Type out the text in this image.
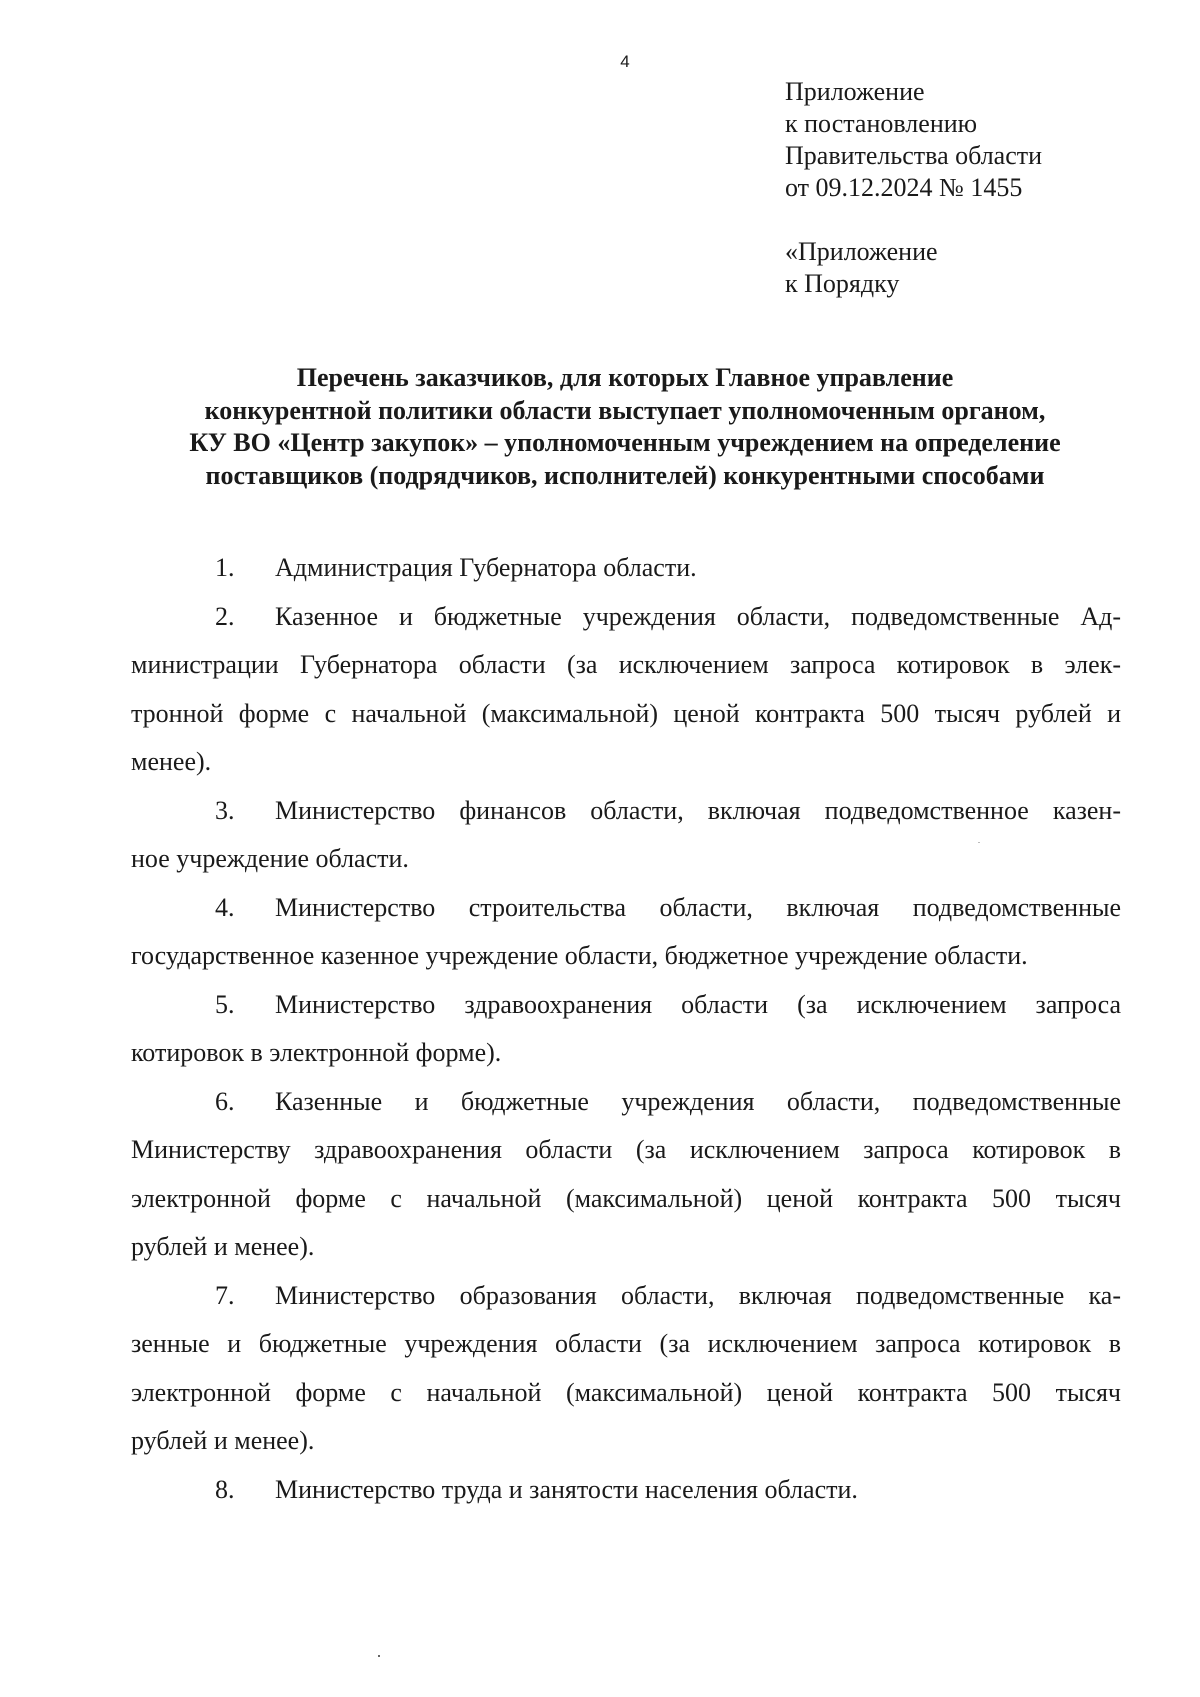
4
Приложение
к постановлению
Правительства области
от 09.12.2024 № 1455
«Приложение
к Порядку
Перечень заказчиков, для которых Главное управление
конкурентной политики области выступает уполномоченным органом,
КУ ВО «Центр закупок» – уполномоченным учреждением на определение
поставщиков (подрядчиков, исполнителей) конкурентными способами
1. Администрация Губернатора области.
2. Казенное и бюджетные учреждения области, подведомственные Ад-
министрации Губернатора области (за исключением запроса котировок в элек-
тронной форме с начальной (максимальной) ценой контракта 500 тысяч рублей и
менее).
3. Министерство финансов области, включая подведомственное казен-
ное учреждение области.
4. Министерство строительства области, включая подведомственные
государственное казенное учреждение области, бюджетное учреждение области.
5. Министерство здравоохранения области (за исключением запроса
котировок в электронной форме).
6. Казенные и бюджетные учреждения области, подведомственные
Министерству здравоохранения области (за исключением запроса котировок в
электронной форме с начальной (максимальной) ценой контракта 500 тысяч
рублей и менее).
7. Министерство образования области, включая подведомственные ка-
зенные и бюджетные учреждения области (за исключением запроса котировок в
электронной форме с начальной (максимальной) ценой контракта 500 тысяч
рублей и менее).
8. Министерство труда и занятости населения области.
